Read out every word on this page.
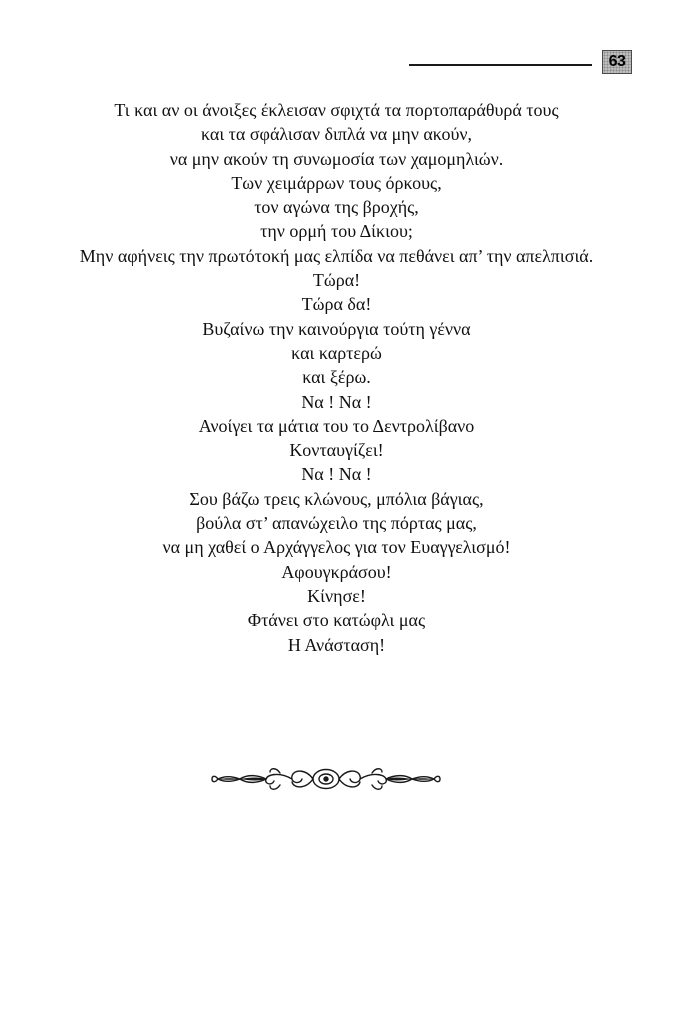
63
Τι και αν οι άνοιξες έκλεισαν σφιχτά τα πορτοπαράθυρά τους
και τα σφάλισαν διπλά να μην ακούν,
να μην ακούν τη συνωμοσία των χαμομηλιών.
Των χειμάρρων τους όρκους,
τον αγώνα της βροχής,
την ορμή του Δίκιου;
Μην αφήνεις την πρωτότοκή μας ελπίδα να πεθάνει απ’ την απελπισιά.
Τώρα!
Τώρα δα!
Βυζαίνω την καινούργια τούτη γέννα
και καρτερώ
και ξέρω.
Να ! Να !
Ανοίγει τα μάτια του το Δεντρολίβανο
Κονταυγίζει!
Να ! Να !
Σου βάζω τρεις κλώνους, μπόλια βάγιας,
βούλα στ’ απανώχειλο της πόρτας μας,
να μη χαθεί ο Αρχάγγελος για τον Ευαγγελισμό!
Αφουγκράσου!
Κίνησε!
Φτάνει στο κατώφλι μας
Η Ανάσταση!
